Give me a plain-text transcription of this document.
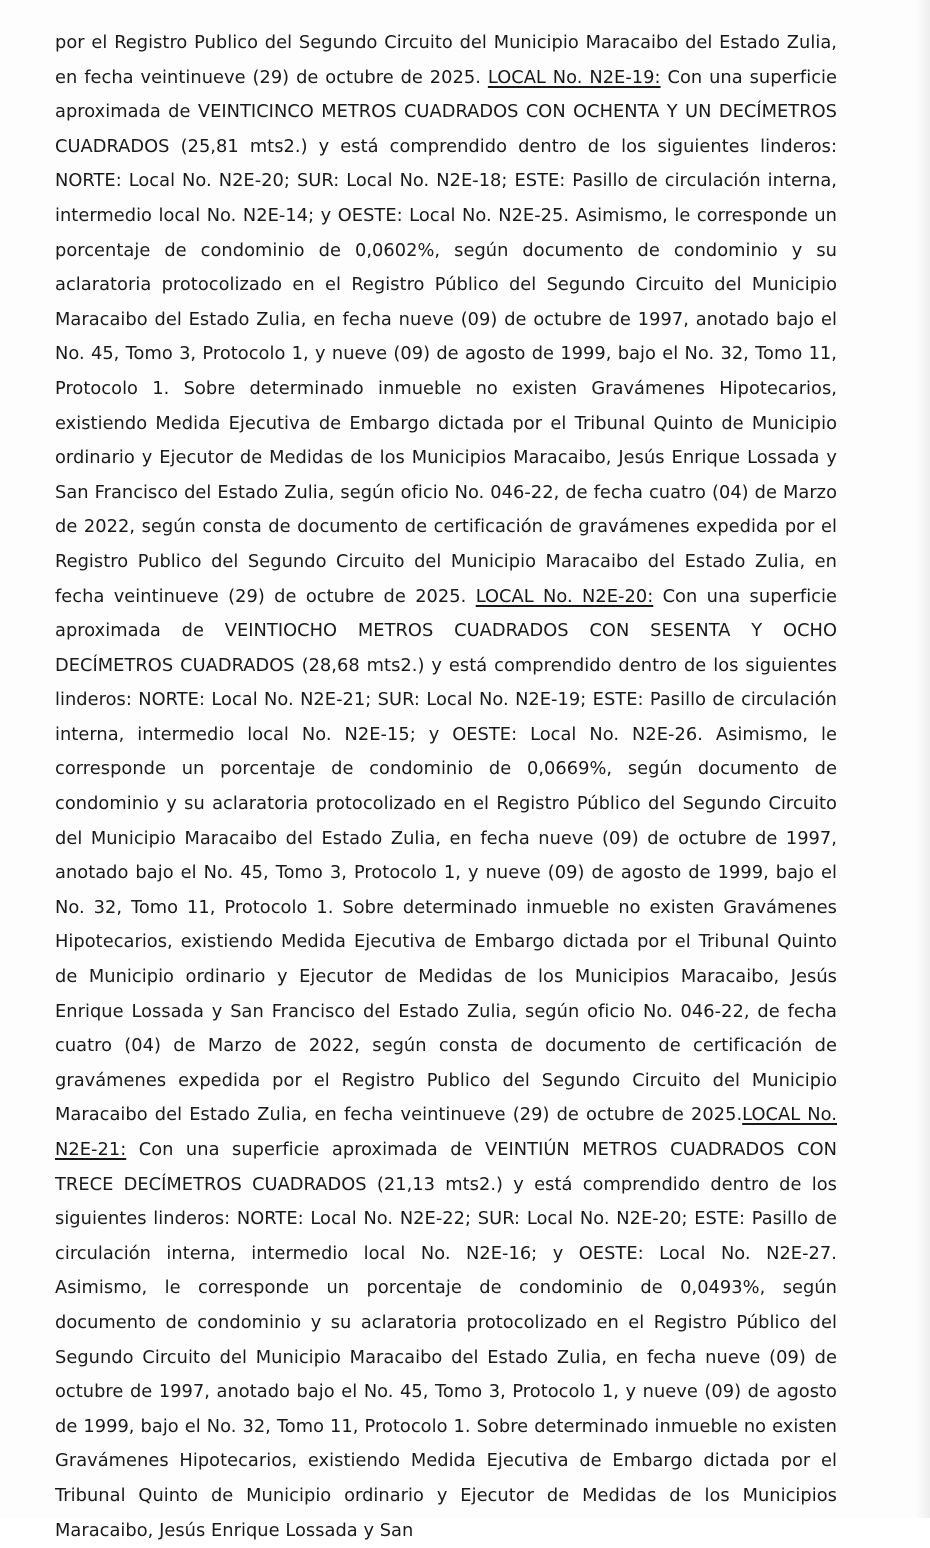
por el Registro Publico del Segundo Circuito del Municipio Maracaibo del Estado Zulia, en fecha veintinueve (29) de octubre de 2025. LOCAL No. N2E-19: Con una superficie aproximada de VEINTICINCO METROS CUADRADOS CON OCHENTA Y UN DECÍMETROS CUADRADOS (25,81 mts2.) y está comprendido dentro de los siguientes linderos: NORTE: Local No. N2E-20; SUR: Local No. N2E-18; ESTE: Pasillo de circulación interna, intermedio local No. N2E-14; y OESTE: Local No. N2E-25. Asimismo, le corresponde un porcentaje de condominio de 0,0602%, según documento de condominio y su aclaratoria protocolizado en el Registro Público del Segundo Circuito del Municipio Maracaibo del Estado Zulia, en fecha nueve (09) de octubre de 1997, anotado bajo el No. 45, Tomo 3, Protocolo 1, y nueve (09) de agosto de 1999, bajo el No. 32, Tomo 11, Protocolo 1. Sobre determinado inmueble no existen Gravámenes Hipotecarios, existiendo Medida Ejecutiva de Embargo dictada por el Tribunal Quinto de Municipio ordinario y Ejecutor de Medidas de los Municipios Maracaibo, Jesús Enrique Lossada y San Francisco del Estado Zulia, según oficio No. 046-22, de fecha cuatro (04) de Marzo de 2022, según consta de documento de certificación de gravámenes expedida por el Registro Publico del Segundo Circuito del Municipio Maracaibo del Estado Zulia, en fecha veintinueve (29) de octubre de 2025. LOCAL No. N2E-20: Con una superficie aproximada de VEINTIOCHO METROS CUADRADOS CON SESENTA Y OCHO DECÍMETROS CUADRADOS (28,68 mts2.) y está comprendido dentro de los siguientes linderos: NORTE: Local No. N2E-21; SUR: Local No. N2E-19; ESTE: Pasillo de circulación interna, intermedio local No. N2E-15; y OESTE: Local No. N2E-26. Asimismo, le corresponde un porcentaje de condominio de 0,0669%, según documento de condominio y su aclaratoria protocolizado en el Registro Público del Segundo Circuito del Municipio Maracaibo del Estado Zulia, en fecha nueve (09) de octubre de 1997, anotado bajo el No. 45, Tomo 3, Protocolo 1, y nueve (09) de agosto de 1999, bajo el No. 32, Tomo 11, Protocolo 1. Sobre determinado inmueble no existen Gravámenes Hipotecarios, existiendo Medida Ejecutiva de Embargo dictada por el Tribunal Quinto de Municipio ordinario y Ejecutor de Medidas de los Municipios Maracaibo, Jesús Enrique Lossada y San Francisco del Estado Zulia, según oficio No. 046-22, de fecha cuatro (04) de Marzo de 2022, según consta de documento de certificación de gravámenes expedida por el Registro Publico del Segundo Circuito del Municipio Maracaibo del Estado Zulia, en fecha veintinueve (29) de octubre de 2025.LOCAL No. N2E-21: Con una superficie aproximada de VEINTIÚN METROS CUADRADOS CON TRECE DECÍMETROS CUADRADOS (21,13 mts2.) y está comprendido dentro de los siguientes linderos: NORTE: Local No. N2E-22; SUR: Local No. N2E-20; ESTE: Pasillo de circulación interna, intermedio local No. N2E-16; y OESTE: Local No. N2E-27. Asimismo, le corresponde un porcentaje de condominio de 0,0493%, según documento de condominio y su aclaratoria protocolizado en el Registro Público del Segundo Circuito del Municipio Maracaibo del Estado Zulia, en fecha nueve (09) de octubre de 1997, anotado bajo el No. 45, Tomo 3, Protocolo 1, y nueve (09) de agosto de 1999, bajo el No. 32, Tomo 11, Protocolo 1. Sobre determinado inmueble no existen Gravámenes Hipotecarios, existiendo Medida Ejecutiva de Embargo dictada por el Tribunal Quinto de Municipio ordinario y Ejecutor de Medidas de los Municipios Maracaibo, Jesús Enrique Lossada y San
